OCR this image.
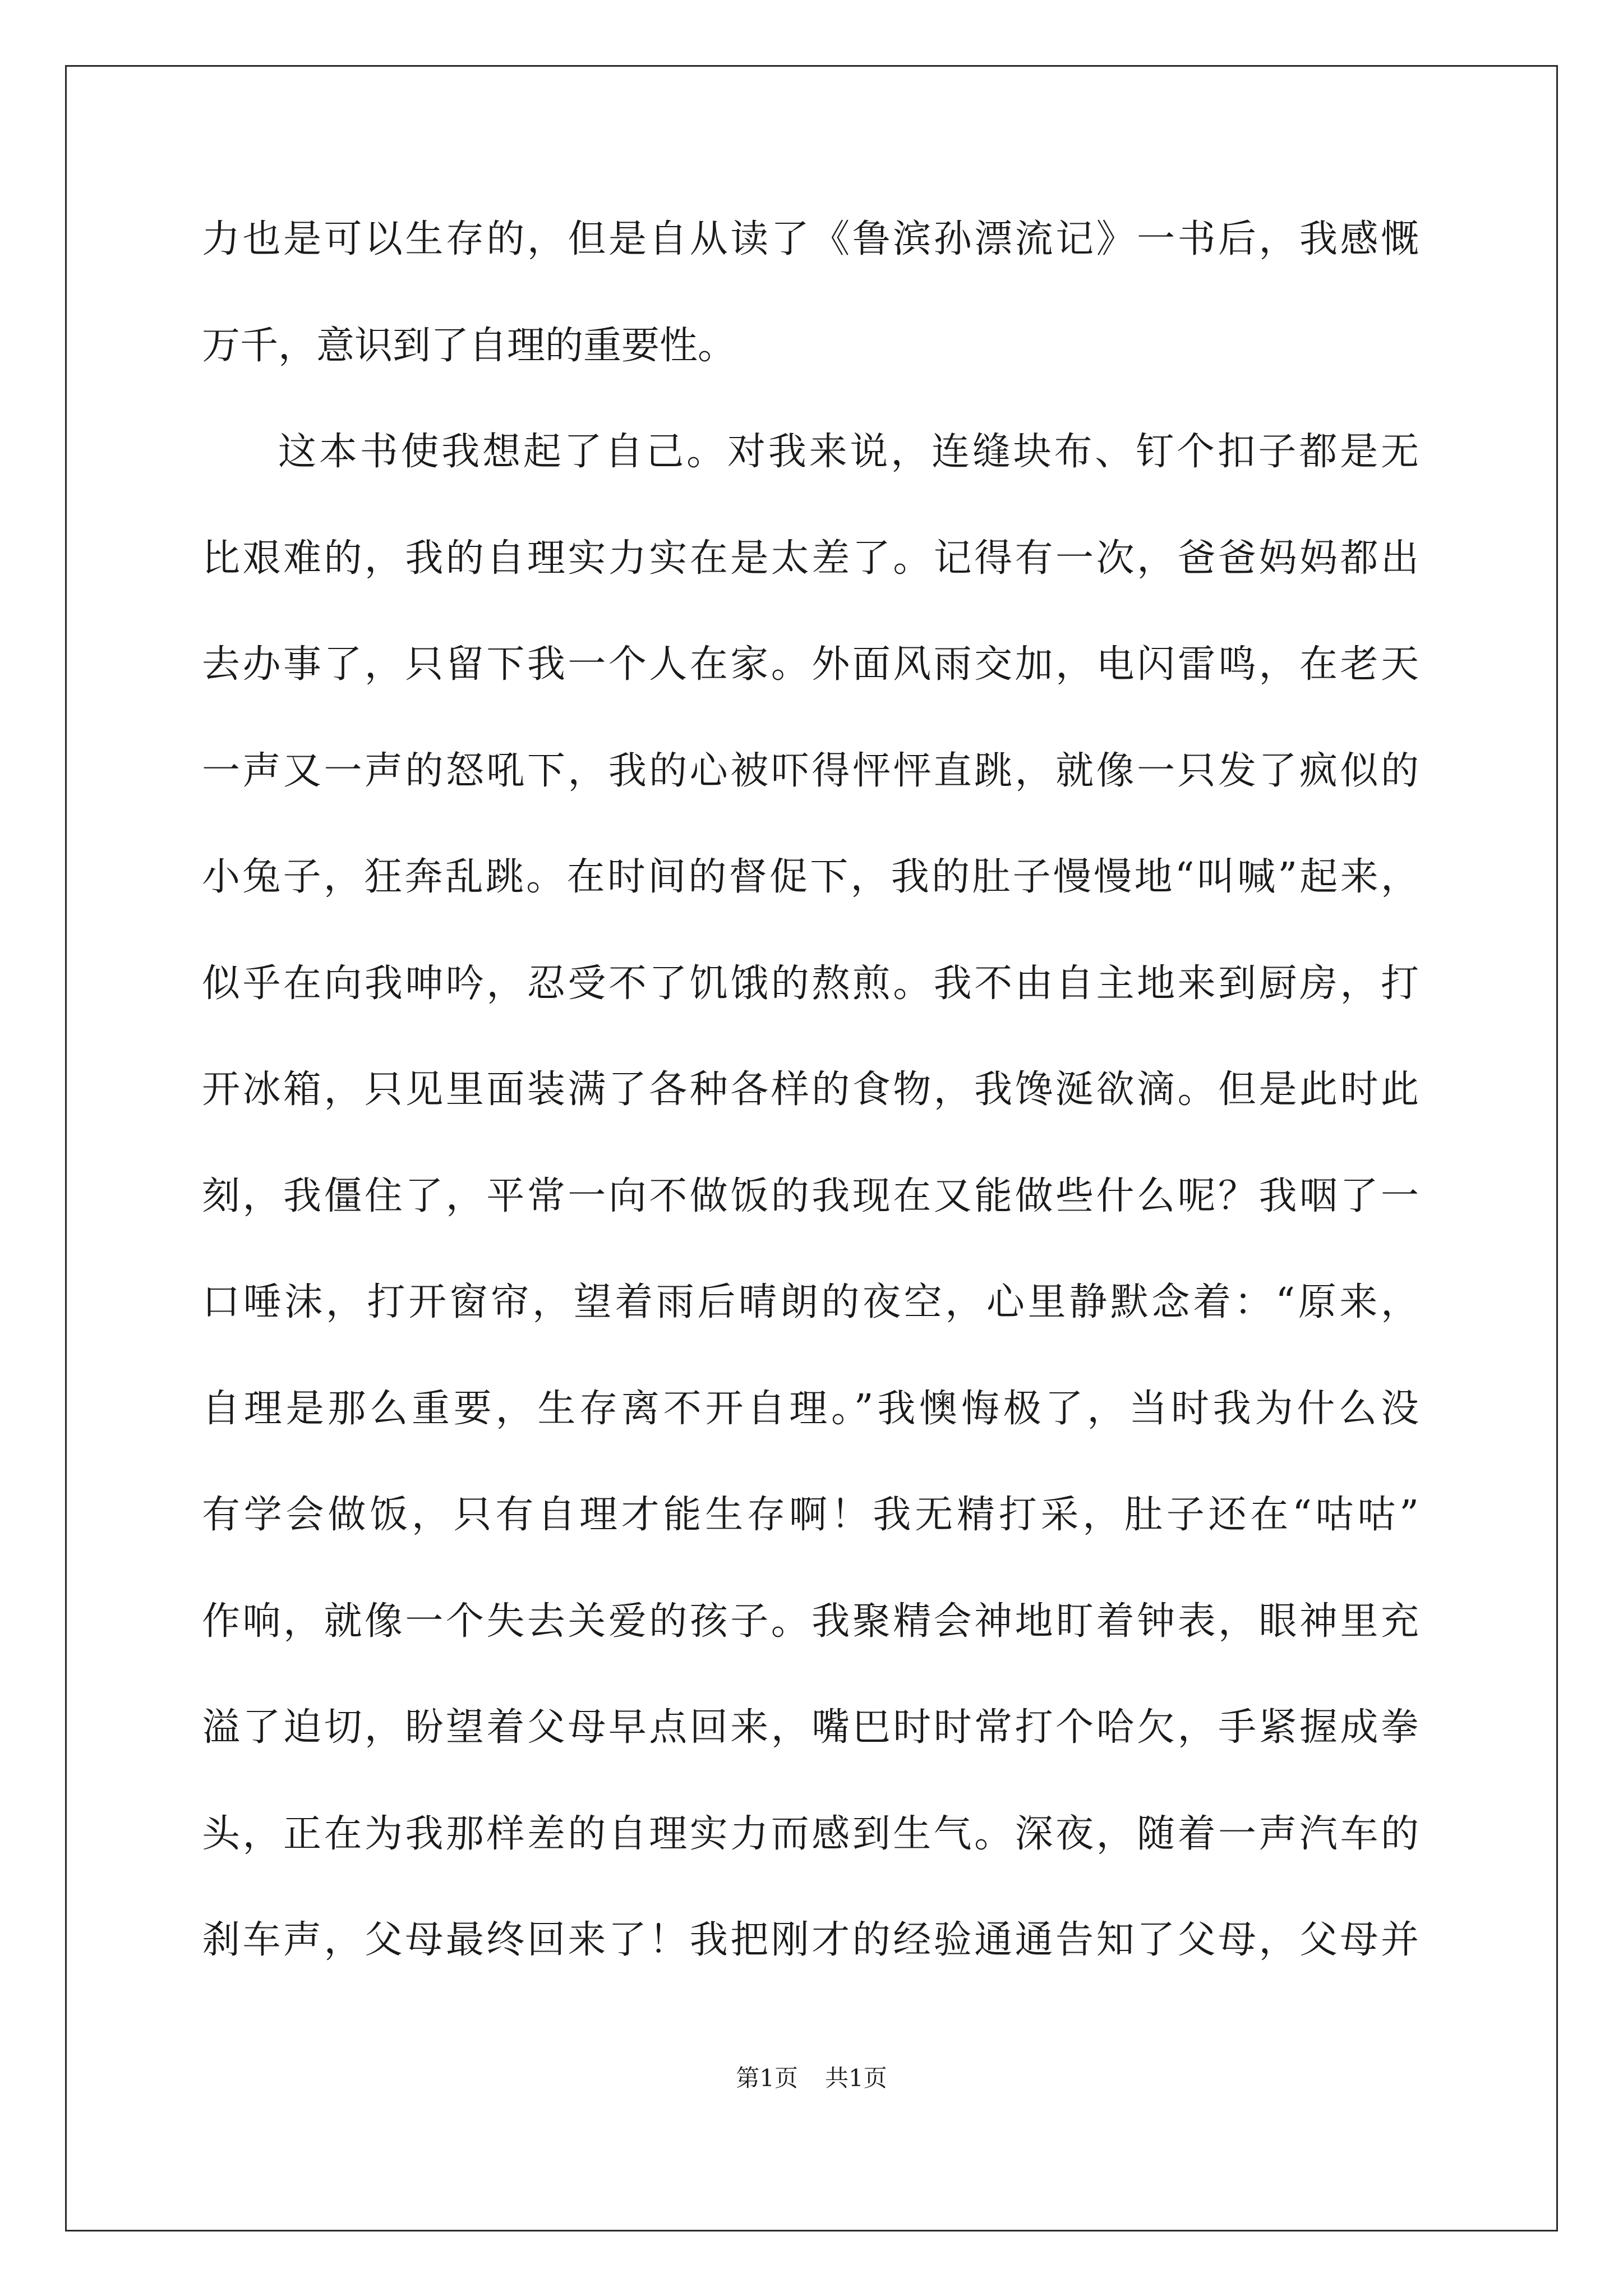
力也是可以生存的，但是自从读了《鲁滨孙漂流记》一书后，我感慨
万千，意识到了自理的重要性。
这本书使我想起了自己。对我来说，连缝块布、钉个扣子都是无
比艰难的，我的自理实力实在是太差了。记得有一次，爸爸妈妈都出
去办事了，只留下我一个人在家。外面风雨交加，电闪雷鸣，在老天
一声又一声的怒吼下，我的心被吓得怦怦直跳，就像一只发了疯似的
小兔子，狂奔乱跳。在时间的督促下，我的肚子慢慢地“叫喊”起来，
似乎在向我呻吟，忍受不了饥饿的熬煎。我不由自主地来到厨房，打
开冰箱，只见里面装满了各种各样的食物，我馋涎欲滴。但是此时此
刻，我僵住了，平常一向不做饭的我现在又能做些什么呢？我咽了一
口唾沫，打开窗帘，望着雨后晴朗的夜空，心里静默念着：“原来，
自理是那么重要，生存离不开自理。”我懊悔极了，当时我为什么没
有学会做饭，只有自理才能生存啊！我无精打采，肚子还在“咕咕”
作响，就像一个失去关爱的孩子。我聚精会神地盯着钟表，眼神里充
溢了迫切，盼望着父母早点回来，嘴巴时时常打个哈欠，手紧握成拳
头，正在为我那样差的自理实力而感到生气。深夜，随着一声汽车的
刹车声，父母最终回来了！我把刚才的经验通通告知了父母，父母并
第1页 共1页
